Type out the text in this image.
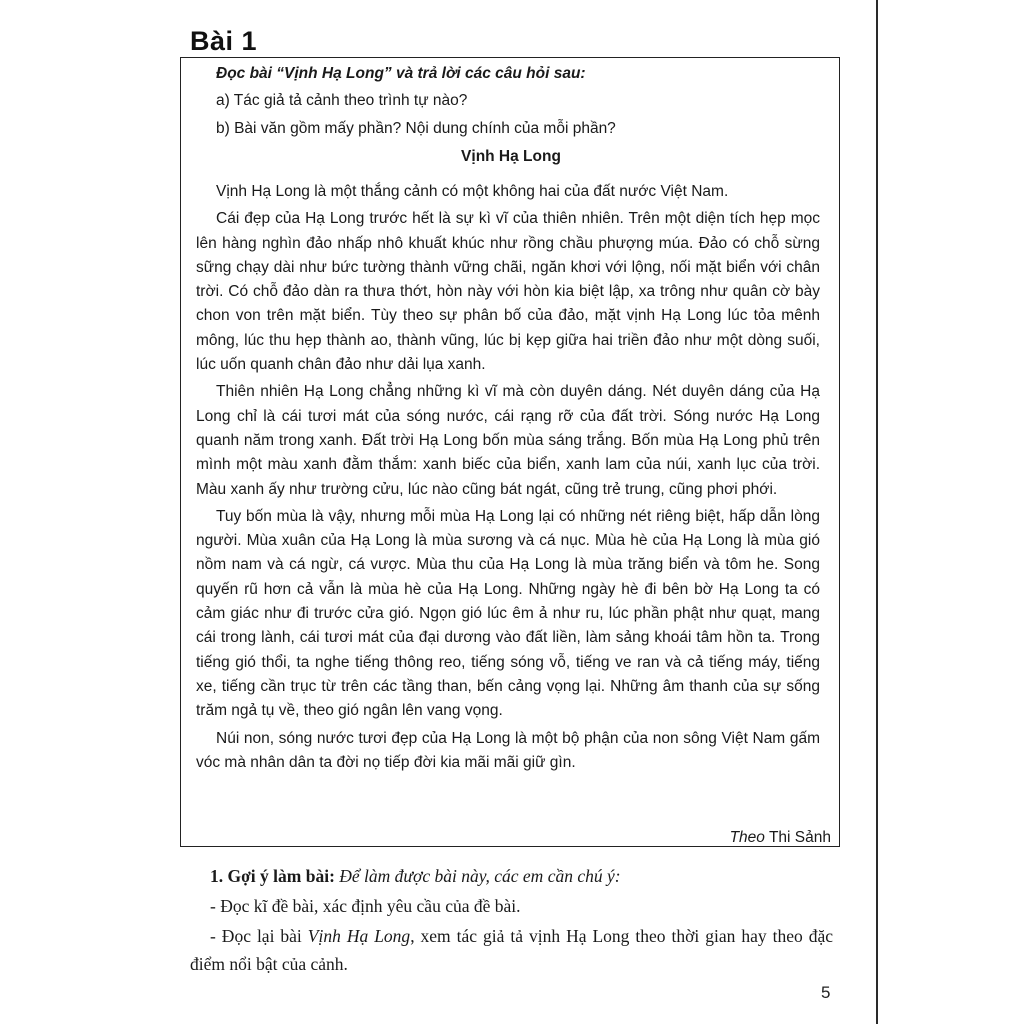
Bài 1
Đọc bài “Vịnh Hạ Long” và trả lời các câu hỏi sau:
a) Tác giả tả cảnh theo trình tự nào?
b) Bài văn gồm mấy phần? Nội dung chính của mỗi phần?
Vịnh Hạ Long

Vịnh Hạ Long là một thắng cảnh có một không hai của đất nước Việt Nam.

Cái đẹp của Hạ Long trước hết là sự kì vĩ của thiên nhiên. Trên một diện tích hẹp mọc lên hàng nghìn đảo nhấp nhô khuất khúc như rồng chầu phượng múa. Đảo có chỗ sừng sững chạy dài như bức tường thành vững chãi, ngăn khơi với lộng, nối mặt biển với chân trời. Có chỗ đảo dàn ra thưa thớt, hòn này với hòn kia biệt lập, xa trông như quân cờ bày chon von trên mặt biển. Tùy theo sự phân bố của đảo, mặt vịnh Hạ Long lúc tỏa mênh mông, lúc thu hẹp thành ao, thành vũng, lúc bị kẹp giữa hai triền đảo như một dòng suối, lúc uốn quanh chân đảo như dải lụa xanh.

Thiên nhiên Hạ Long chẳng những kì vĩ mà còn duyên dáng. Nét duyên dáng của Hạ Long chỉ là cái tươi mát của sóng nước, cái rạng rỡ của đất trời. Sóng nước Hạ Long quanh năm trong xanh. Đất trời Hạ Long bốn mùa sáng trắng. Bốn mùa Hạ Long phủ trên mình một màu xanh đằm thắm: xanh biếc của biển, xanh lam của núi, xanh lục của trời. Màu xanh ấy như trường cửu, lúc nào cũng bát ngát, cũng trẻ trung, cũng phơi phới.

Tuy bốn mùa là vậy, nhưng mỗi mùa Hạ Long lại có những nét riêng biệt, hấp dẫn lòng người. Mùa xuân của Hạ Long là mùa sương và cá nục. Mùa hè của Hạ Long là mùa gió nồm nam và cá ngừ, cá vược. Mùa thu của Hạ Long là mùa trăng biển và tôm he. Song quyến rũ hơn cả vẫn là mùa hè của Hạ Long. Những ngày hè đi bên bờ Hạ Long ta có cảm giác như đi trước cửa gió. Ngọn gió lúc êm ả như ru, lúc phần phật như quạt, mang cái trong lành, cái tươi mát của đại dương vào đất liền, làm sảng khoái tâm hồn ta. Trong tiếng gió thổi, ta nghe tiếng thông reo, tiếng sóng vỗ, tiếng ve ran và cả tiếng máy, tiếng xe, tiếng cần trục từ trên các tầng than, bến cảng vọng lại. Những âm thanh của sự sống trăm ngả tụ về, theo gió ngân lên vang vọng.

Núi non, sóng nước tươi đẹp của Hạ Long là một bộ phận của non sông Việt Nam gấm vóc mà nhân dân ta đời nọ tiếp đời kia mãi mãi giữ gìn.

Theo Thi Sảnh

1. Gợi ý làm bài: Để làm được bài này, các em cần chú ý:

- Đọc kĩ đề bài, xác định yêu cầu của đề bài.

- Đọc lại bài Vịnh Hạ Long, xem tác giả tả vịnh Hạ Long theo thời gian hay theo đặc điểm nổi bật của cảnh.

5
